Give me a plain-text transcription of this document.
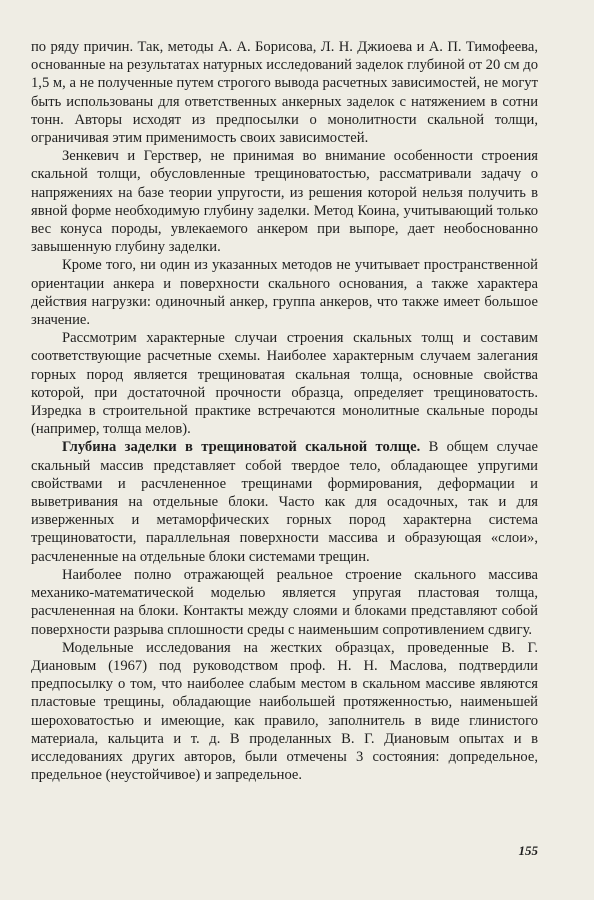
по ряду причин. Так, методы А. А. Борисова, Л. Н. Джиоева и А. П. Тимофеева, основанные на результатах натурных исследований заделок глубиной от 20 см до 1,5 м, а не полученные путем строгого вывода расчетных зависимостей, не могут быть использованы для ответственных анкерных заделок с натяжением в сотни тонн. Авторы исходят из предпосылки о монолитности скальной толщи, ограничивая этим применимость своих зависимостей.

Зенкевич и Герствер, не принимая во внимание особенности строения скальной толщи, обусловленные трещиноватостью, рассматривали задачу о напряжениях на базе теории упругости, из решения которой нельзя получить в явной форме необходимую глубину заделки. Метод Коина, учитывающий только вес конуса породы, увлекаемого анкером при выпоре, дает необоснованно завышенную глубину заделки.

Кроме того, ни один из указанных методов не учитывает пространственной ориентации анкера и поверхности скального основания, а также характера действия нагрузки: одиночный анкер, группа анкеров, что также имеет большое значение.

Рассмотрим характерные случаи строения скальных толщ и составим соответствующие расчетные схемы. Наиболее характерным случаем залегания горных пород является трещиноватая скальная толща, основные свойства которой, при достаточной прочности образца, определяет трещиноватость. Изредка в строительной практике встречаются монолитные скальные породы (например, толща мелов).

Глубина заделки в трещиноватой скальной толще. В общем случае скальный массив представляет собой твердое тело, обладающее упругими свойствами и расчлененное трещинами формирования, деформации и выветривания на отдельные блоки. Часто как для осадочных, так и для изверженных и метаморфических горных пород характерна система трещиноватости, параллельная поверхности массива и образующая «слои», расчлененные на отдельные блоки системами трещин.

Наиболее полно отражающей реальное строение скального массива механико-математической моделью является упругая пластовая толща, расчлененная на блоки. Контакты между слоями и блоками представляют собой поверхности разрыва сплошности среды с наименьшим сопротивлением сдвигу.

Модельные исследования на жестких образцах, проведенные В. Г. Диановым (1967) под руководством проф. Н. Н. Маслова, подтвердили предпосылку о том, что наиболее слабым местом в скальном массиве являются пластовые трещины, обладающие наибольшей протяженностью, наименьшей шероховатостью и имеющие, как правило, заполнитель в виде глинистого материала, кальцита и т. д. В проделанных В. Г. Диановым опытах и в исследованиях других авторов, были отмечены 3 состояния: допредельное, предельное (неустойчивое) и запредельное.

155
